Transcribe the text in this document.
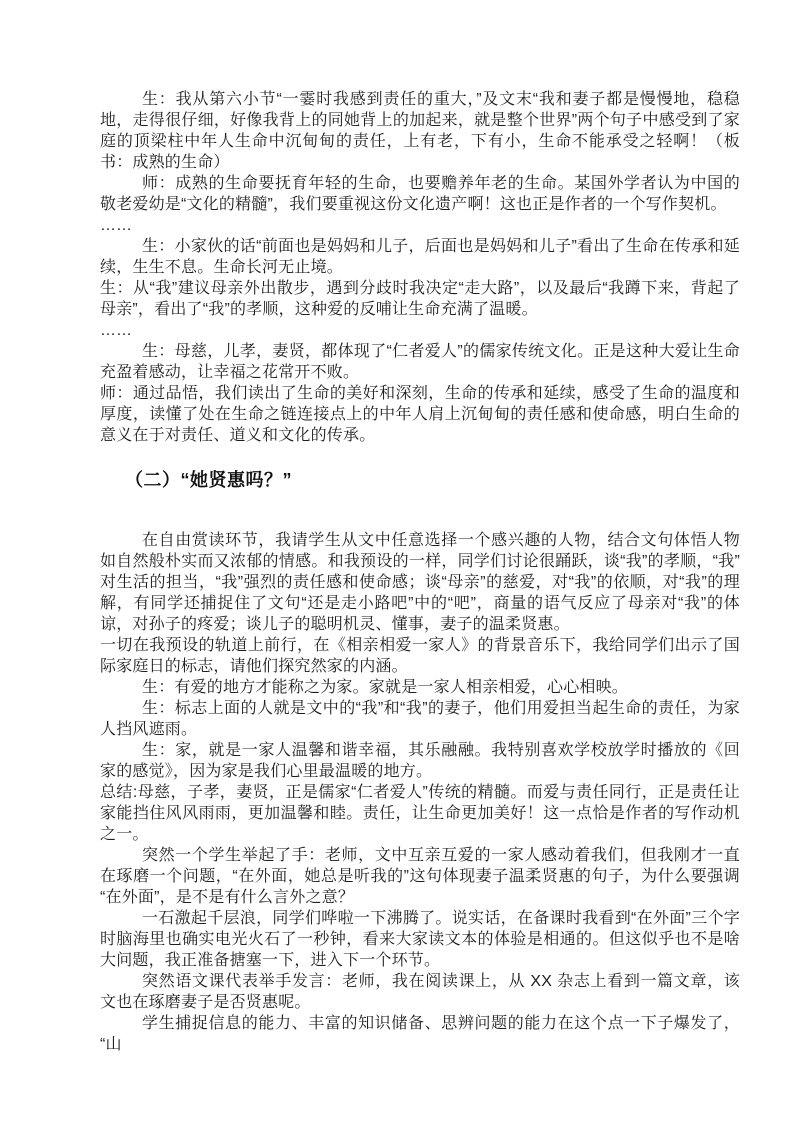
生：我从第六小节“一霎时我感到责任的重大，”及文末“我和妻子都是慢慢地，稳稳地，走得很仔细，好像我背上的同她背上的加起来，就是整个世界”两个句子中感受到了家庭的顶梁柱中年人生命中沉甸甸的责任，上有老，下有小，生命不能承受之轻啊！（板书：成熟的生命）

师：成熟的生命要抚育年轻的生命，也要赡养年老的生命。某国外学者认为中国的敬老爱幼是“文化的精髓”，我们要重视这份文化遗产啊！这也正是作者的一个写作契机。

……

生：小家伙的话“前面也是妈妈和儿子，后面也是妈妈和儿子”看出了生命在传承和延续，生生不息。生命长河无止境。

生：从“我”建议母亲外出散步，遇到分歧时我决定“走大路”，以及最后“我蹲下来，背起了母亲”，看出了“我”的孝顺，这种爱的反哺让生命充满了温暖。

……

生：母慈，儿孝，妻贤，都体现了“仁者爱人”的儒家传统文化。正是这种大爱让生命充盈着感动，让幸福之花常开不败。

师：通过品悟，我们读出了生命的美好和深刻，生命的传承和延续，感受了生命的温度和厚度，读懂了处在生命之链连接点上的中年人肩上沉甸甸的责任感和使命感，明白生命的意义在于对责任、道义和文化的传承。

（二）“她贤惠吗？”

在自由赏读环节，我请学生从文中任意选择一个感兴趣的人物，结合文句体悟人物如自然般朴实而又浓郁的情感。和我预设的一样，同学们讨论很踊跃，谈“我”的孝顺，“我”对生活的担当，“我”强烈的责任感和使命感；谈“母亲”的慈爱，对“我”的依顺，对“我”的理解，有同学还捕捉住了文句“还是走小路吧”中的“吧”，商量的语气反应了母亲对“我”的体谅，对孙子的疼爱；谈儿子的聪明机灵、懂事，妻子的温柔贤惠。

一切在我预设的轨道上前行，在《相亲相爱一家人》的背景音乐下，我给同学们出示了国际家庭日的标志，请他们探究然家的内涵。

生：有爱的地方才能称之为家。家就是一家人相亲相爱，心心相映。

生：标志上面的人就是文中的“我”和“我”的妻子，他们用爱担当起生命的责任，为家人挡风遮雨。

生：家，就是一家人温馨和谐幸福，其乐融融。我特别喜欢学校放学时播放的《回家的感觉》，因为家是我们心里最温暖的地方。

总结:母慈，子孝，妻贤，正是儒家“仁者爱人”传统的精髓。而爱与责任同行，正是责任让家能挡住风风雨雨，更加温馨和睦。责任，让生命更加美好！这一点恰是作者的写作动机之一。

突然一个学生举起了手：老师，文中互亲互爱的一家人感动着我们，但我刚才一直在琢磨一个问题，“在外面，她总是听我的”这句体现妻子温柔贤惠的句子，为什么要强调“在外面”，是不是有什么言外之意？

一石激起千层浪，同学们哗啦一下沸腾了。说实话，在备课时我看到“在外面”三个字时脑海里也确实电光火石了一秒钟，看来大家读文本的体验是相通的。但这似乎也不是啥大问题，我正准备搪塞一下，进入下一个环节。

突然语文课代表举手发言：老师，我在阅读课上，从 XX 杂志上看到一篇文章，该文也在琢磨妻子是否贤惠呢。

学生捕捉信息的能力、丰富的知识储备、思辨问题的能力在这个点一下子爆发了，“山
